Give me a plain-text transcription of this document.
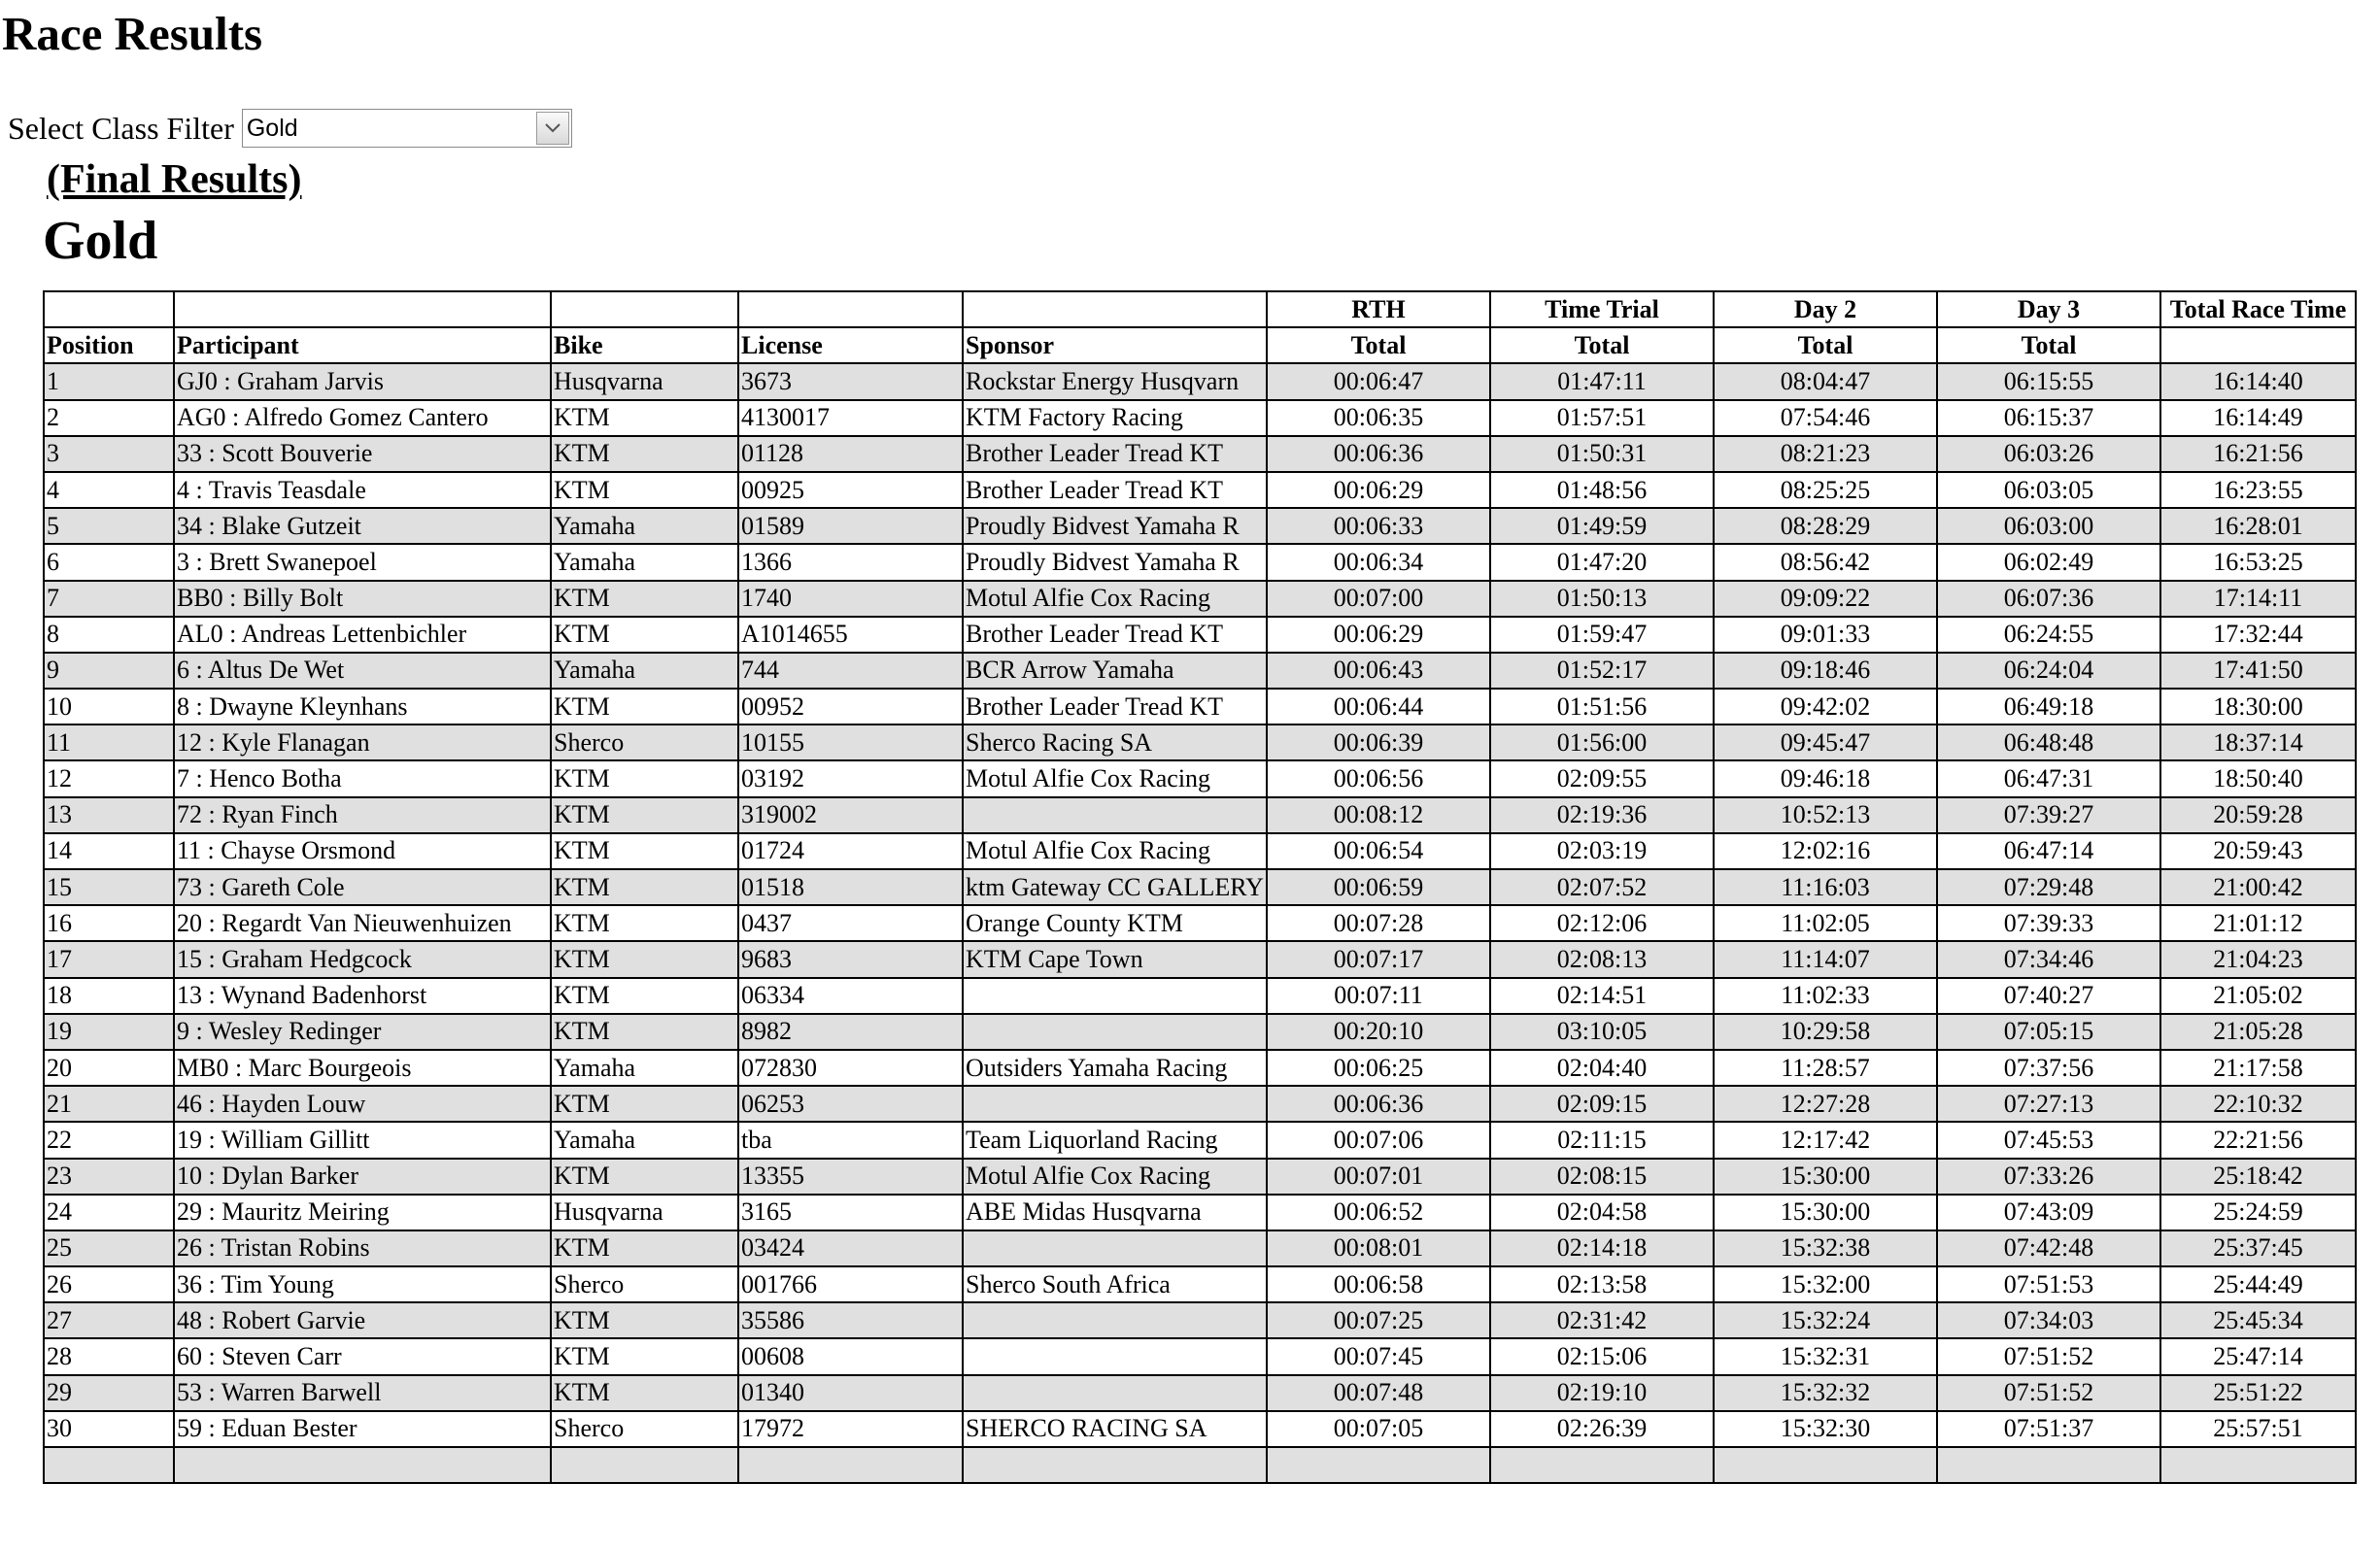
Race Results
Select Class Filter Gold
(Final Results)
Gold
					RTH	Time Trial	Day 2	Day 3	Total Race Time
Position	Participant	Bike	License	Sponsor	Total	Total	Total	Total	
1	GJ0 : Graham Jarvis	Husqvarna	3673	Rockstar Energy Husqvarn	00:06:47	01:47:11	08:04:47	06:15:55	16:14:40
2	AG0 : Alfredo Gomez Cantero	KTM	4130017	KTM Factory Racing	00:06:35	01:57:51	07:54:46	06:15:37	16:14:49
3	33 : Scott Bouverie	KTM	01128	Brother Leader Tread KT	00:06:36	01:50:31	08:21:23	06:03:26	16:21:56
4	4 : Travis Teasdale	KTM	00925	Brother Leader Tread KT	00:06:29	01:48:56	08:25:25	06:03:05	16:23:55
5	34 : Blake Gutzeit	Yamaha	01589	Proudly Bidvest Yamaha R	00:06:33	01:49:59	08:28:29	06:03:00	16:28:01
6	3 : Brett Swanepoel	Yamaha	1366	Proudly Bidvest Yamaha R	00:06:34	01:47:20	08:56:42	06:02:49	16:53:25
7	BB0 : Billy Bolt	KTM	1740	Motul Alfie Cox Racing	00:07:00	01:50:13	09:09:22	06:07:36	17:14:11
8	AL0 : Andreas Lettenbichler	KTM	A1014655	Brother Leader Tread KT	00:06:29	01:59:47	09:01:33	06:24:55	17:32:44
9	6 : Altus De Wet	Yamaha	744	BCR Arrow Yamaha	00:06:43	01:52:17	09:18:46	06:24:04	17:41:50
10	8 : Dwayne Kleynhans	KTM	00952	Brother Leader Tread KT	00:06:44	01:51:56	09:42:02	06:49:18	18:30:00
11	12 : Kyle Flanagan	Sherco	10155	Sherco Racing SA	00:06:39	01:56:00	09:45:47	06:48:48	18:37:14
12	7 : Henco Botha	KTM	03192	Motul Alfie Cox Racing	00:06:56	02:09:55	09:46:18	06:47:31	18:50:40
13	72 : Ryan Finch	KTM	319002		00:08:12	02:19:36	10:52:13	07:39:27	20:59:28
14	11 : Chayse Orsmond	KTM	01724	Motul Alfie Cox Racing	00:06:54	02:03:19	12:02:16	06:47:14	20:59:43
15	73 : Gareth Cole	KTM	01518	ktm Gateway CC GALLERY	00:06:59	02:07:52	11:16:03	07:29:48	21:00:42
16	20 : Regardt Van Nieuwenhuizen	KTM	0437	Orange County KTM	00:07:28	02:12:06	11:02:05	07:39:33	21:01:12
17	15 : Graham Hedgcock	KTM	9683	KTM Cape Town	00:07:17	02:08:13	11:14:07	07:34:46	21:04:23
18	13 : Wynand Badenhorst	KTM	06334		00:07:11	02:14:51	11:02:33	07:40:27	21:05:02
19	9 : Wesley Redinger	KTM	8982		00:20:10	03:10:05	10:29:58	07:05:15	21:05:28
20	MB0 : Marc Bourgeois	Yamaha	072830	Outsiders Yamaha Racing	00:06:25	02:04:40	11:28:57	07:37:56	21:17:58
21	46 : Hayden Louw	KTM	06253		00:06:36	02:09:15	12:27:28	07:27:13	22:10:32
22	19 : William Gillitt	Yamaha	tba	Team Liquorland Racing	00:07:06	02:11:15	12:17:42	07:45:53	22:21:56
23	10 : Dylan Barker	KTM	13355	Motul Alfie Cox Racing	00:07:01	02:08:15	15:30:00	07:33:26	25:18:42
24	29 : Mauritz Meiring	Husqvarna	3165	ABE Midas Husqvarna	00:06:52	02:04:58	15:30:00	07:43:09	25:24:59
25	26 : Tristan Robins	KTM	03424		00:08:01	02:14:18	15:32:38	07:42:48	25:37:45
26	36 : Tim Young	Sherco	001766	Sherco South Africa	00:06:58	02:13:58	15:32:00	07:51:53	25:44:49
27	48 : Robert Garvie	KTM	35586		00:07:25	02:31:42	15:32:24	07:34:03	25:45:34
28	60 : Steven Carr	KTM	00608		00:07:45	02:15:06	15:32:31	07:51:52	25:47:14
29	53 : Warren Barwell	KTM	01340		00:07:48	02:19:10	15:32:32	07:51:52	25:51:22
30	59 : Eduan Bester	Sherco	17972	SHERCO RACING SA	00:07:05	02:26:39	15:32:30	07:51:37	25:57:51
